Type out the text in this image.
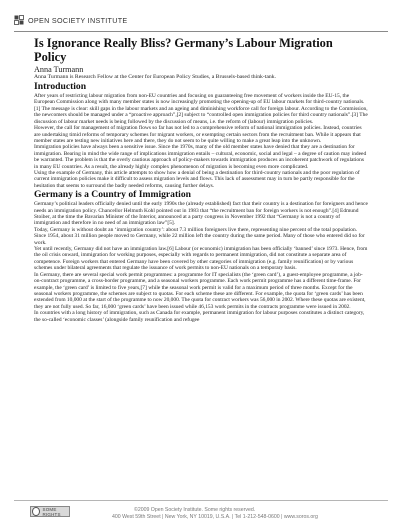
OPEN SOCIETY INSTITUTE
Is Ignorance Really Bliss? Germany’s Labour Migration Policy
Anna Turmann
Anna Turmann is Research Fellow at the Center for European Policy Studies, a Brussels-based think-tank.
Introduction

After years of restricting labour migration from non-EU countries and focusing on guaranteeing free movement of workers inside the EU-15, the European Commission along with many member states is now increasingly promoting the opening-up of EU labour markets for third-country nationals.[1] The message is clear: skill gaps in the labour markets and an ageing and diminishing workforce call for foreign labour. According to the Commission, the newcomers should be managed under a “proactive approach”,[2] subject to “controlled open immigration policies for third country nationals”.[3] The discussion of labour market needs is being followed by the discussion of means, i.e. the reform of (labour) immigration policies.

However, the call for management of migration flows so far has not led to a comprehensive reform of national immigration policies. Instead, countries are undertaking timid reforms of temporary schemes for migrant workers, or exempting certain sectors from the recruitment ban. While it appears that member states are testing new initiatives here and there, they do not seem to be quite willing to make a great leap into the unknown.

Immigration policies have always been a sensitive issue. Since the 1970s, many of the old member states have denied that they are a destination for immigration. Bearing in mind the wide range of implications immigration entails – cultural, economic, social and legal – a degree of caution may indeed be warranted. The problem is that the overly cautious approach of policy-makers towards immigration produces an incoherent patchwork of regulations in many EU countries. As a result, the already highly complex phenomenon of migration is becoming even more complicated.

Using the example of Germany, this article attempts to show how a denial of being a destination for third-country nationals and the poor regulation of current immigration policies make it difficult to assess migration levels and flows. This lack of assessment may in turn be partly responsible for the hesitation that seems to surround the badly needed reforms, causing further delays.

Germany is a Country of Immigration

Germany’s political leaders officially denied until the early 1990s the (already established) fact that their country is a destination for foreigners and hence needs an immigration policy. Chancellor Helmuth Kohl pointed out in 1983 that “the recruitment ban for foreign workers is not enough”.[4] Edmund Stoiber, at the time the Bavarian Minister of the Interior, announced at a party congress in November 1992 that “Germany is not a country of immigration and therefore in no need of an immigration law”[5].

Today, Germany is without doubt an ‘immigration country’: about 7.3 million foreigners live there, representing nine percent of the total population. Since 1954, about 31 million people moved to Germany, while 22 million left the country during the same period. Many of those who entered did so for work.

Yet until recently, Germany did not have an immigration law.[6] Labour (or economic) immigration has been officially ‘banned’ since 1973. Hence, from the oil crisis onward, immigration for working purposes, especially with regards to permanent immigration, did not constitute a separate area of competence. Foreign workers that entered Germany have been covered by other categories of immigration (e.g. family reunification) or by various schemes under bilateral agreements that regulate the issuance of work permits to non-EU nationals on a temporary basis.

In Germany, there are several special work permit programmes: a programme for IT specialists (the ‘green card’), a guest-employee programme, a job-on-contract programme, a cross-border programme, and a seasonal workers programme. Each work permit programme has a different time-frame. For example, the ‘green card’ is limited to five years,[7] while the seasonal work permit is valid for a maximum period of three months. Except for the seasonal workers programme, the schemes are subject to quotas. For each scheme these are different. For example, the quota for ‘green cards’ has been extended from 10,000 at the start of the programme to now 20,000. The quota for contract workers was 56,000 in 2002. Where these quotas are existent, they are not fully used. So far, 16,000 ‘green cards’ have been issued while 46,153 work permits in the contracts programme were issued in 2002.

In countries with a long history of immigration, such as Canada for example, permanent immigration for labour purposes constitutes a distinct category, the so-called ‘economic classes’ (alongside family reunification and refugee

SOME RIGHTS
©2009 Open Society Institute. Some rights reserved.
400 West 59th Street | New York, NY 10019, U.S.A. | Tel 1-212-548-0600 | www.soros.org
